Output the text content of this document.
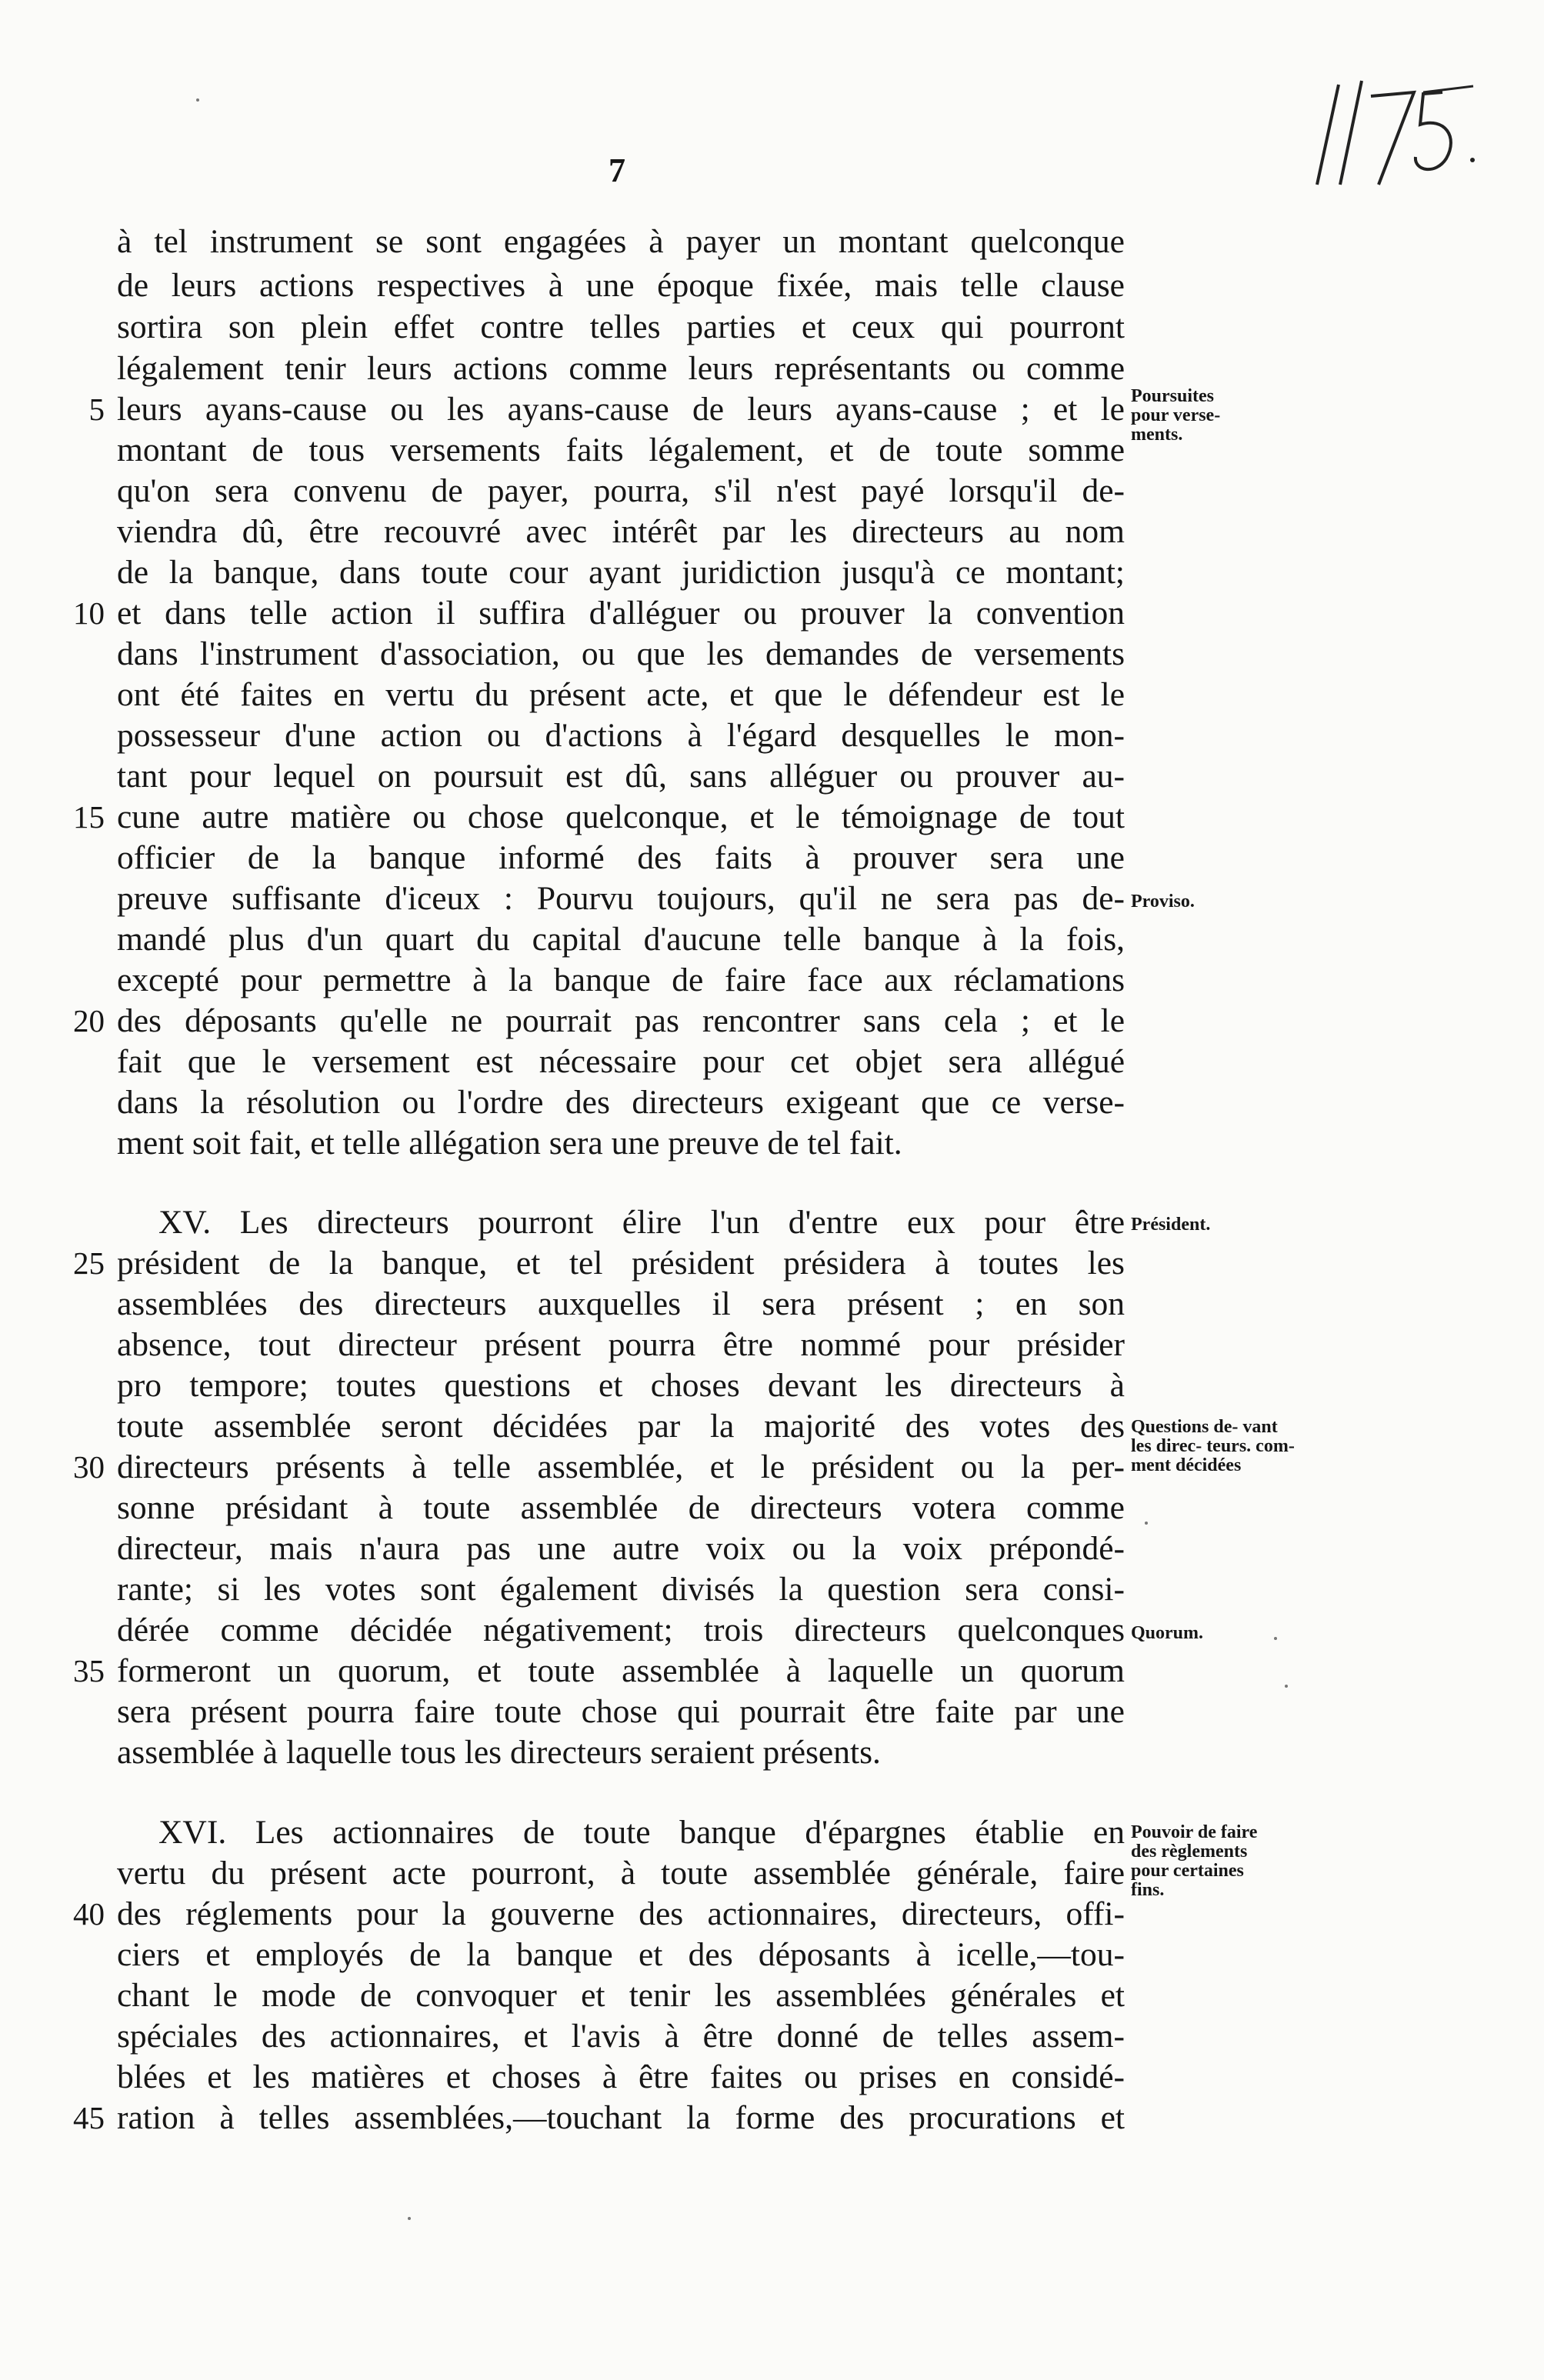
7
à tel instrument se sont engagées à payer un montant quelconque
de leurs actions respectives à une époque fixée, mais telle clause
sortira son plein effet contre telles parties et ceux qui pourront
légalement tenir leurs actions comme leurs représentants ou comme
leurs ayans-cause ou les ayans-cause de leurs ayans-cause ; et le
montant de tous versements faits légalement, et de toute somme
qu'on sera convenu de payer, pourra, s'il n'est payé lorsqu'il de-
viendra dû, être recouvré avec intérêt par les directeurs au nom
de la banque, dans toute cour ayant juridiction jusqu'à ce montant;
et dans telle action il suffira d'alléguer ou prouver la convention
dans l'instrument d'association, ou que les demandes de versements
ont été faites en vertu du présent acte, et que le défendeur est le
possesseur d'une action ou d'actions à l'égard desquelles le mon-
tant pour lequel on poursuit est dû, sans alléguer ou prouver au-
cune autre matière ou chose quelconque, et le témoignage de tout
officier de la banque informé des faits à prouver sera une
preuve suffisante d'iceux : Pourvu toujours, qu'il ne sera pas de-
mandé plus d'un quart du capital d'aucune telle banque à la fois,
excepté pour permettre à la banque de faire face aux réclamations
des déposants qu'elle ne pourrait pas rencontrer sans cela ; et le
fait que le versement est nécessaire pour cet objet sera allégué
dans la résolution ou l'ordre des directeurs exigeant que ce verse-
ment soit fait, et telle allégation sera une preuve de tel fait.
XV. Les directeurs pourront élire l'un d'entre eux pour être
président de la banque, et tel président présidera à toutes les
assemblées des directeurs auxquelles il sera présent ; en son
absence, tout directeur présent pourra être nommé pour présider
pro tempore; toutes questions et choses devant les directeurs à
toute assemblée seront décidées par la majorité des votes des
directeurs présents à telle assemblée, et le président ou la per-
sonne présidant à toute assemblée de directeurs votera comme
directeur, mais n'aura pas une autre voix ou la voix prépondé-
rante; si les votes sont également divisés la question sera consi-
dérée comme décidée négativement; trois directeurs quelconques
formeront un quorum, et toute assemblée à laquelle un quorum
sera présent pourra faire toute chose qui pourrait être faite par une
assemblée à laquelle tous les directeurs seraient présents.
XVI. Les actionnaires de toute banque d'épargnes établie en
vertu du présent acte pourront, à toute assemblée générale, faire
des réglements pour la gouverne des actionnaires, directeurs, offi-
ciers et employés de la banque et des déposants à icelle,—tou-
chant le mode de convoquer et tenir les assemblées générales et
spéciales des actionnaires, et l'avis à être donné de telles assem-
blées et les matières et choses à être faites ou prises en considé-
ration à telles assemblées,—touchant la forme des procurations et
5
10
15
20
25
30
35
40
45
Poursuites pour verse- ments.
Proviso.
Président.
Questions de- vant les direc- teurs. com- ment décidées
Quorum.
Pouvoir de faire des règlements pour certaines fins.
